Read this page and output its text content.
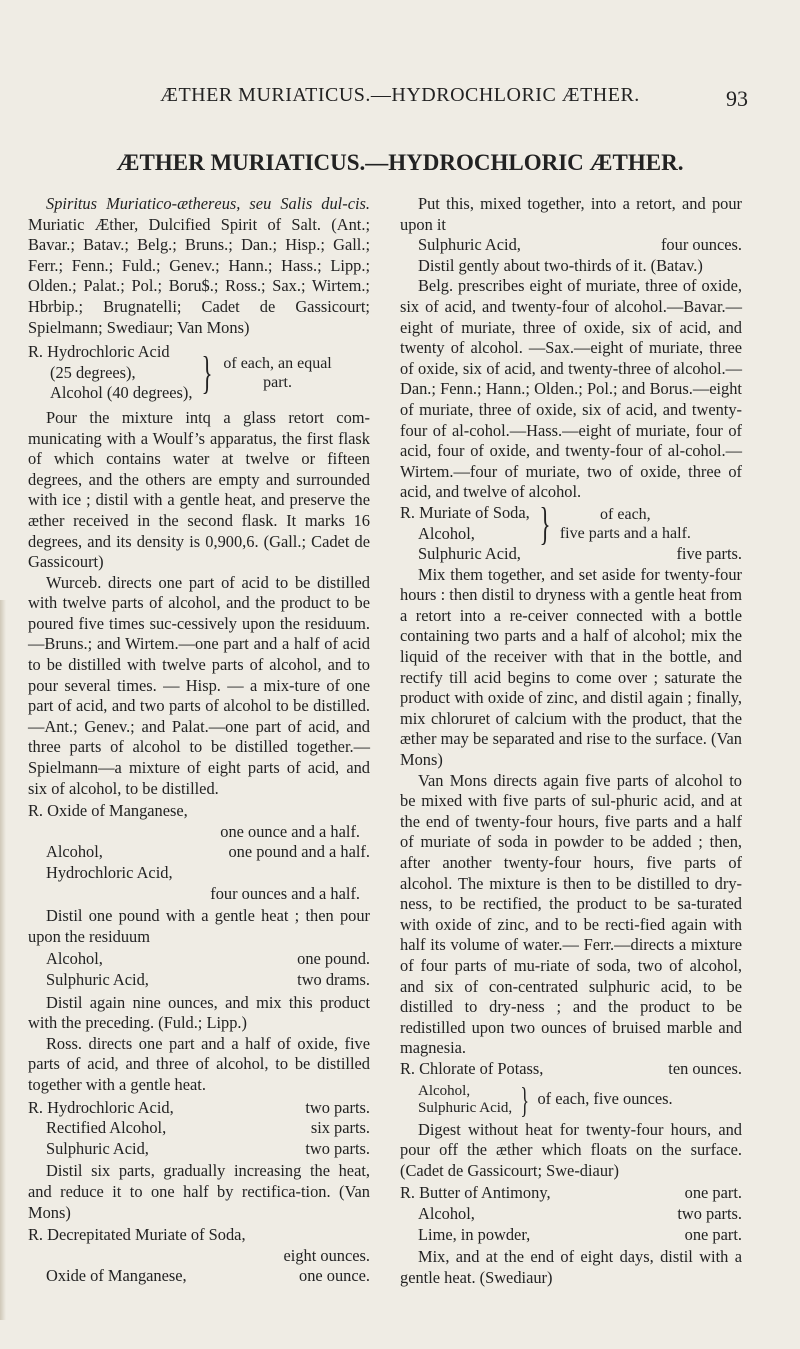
ÆTHER MURIATICUS.—HYDROCHLORIC ÆTHER.	93
ÆTHER MURIATICUS.—HYDROCHLORIC ÆTHER.

Spiritus Muriatico-ætherеus, seu Salis dul-cis. Muriatic Æther, Dulcified Spirit of Salt. (Ant.; Bavar.; Batav.; Belg.; Bruns.; Dan.; Hisp.; Gall.; Ferr.; Fenn.; Fuld.; Genev.; Hann.; Hass.; Lipp.; Olden.; Palat.; Pol.; Boru$.; Ross.; Sax.; Wirtem.; Hbrbip.; Brugnatelli; Cadet de Gassicourt; Spielmann; Swediaur; Van Mons)

R. Hydrochloric Acid
(25 degrees),
Alcohol (40 degrees), } of each, an equal part.

Pour the mixture intq a glass retort com-municating with a Woulf’s apparatus, the first flask of which contains water at twelve or fifteen degrees, and the others are empty and surrounded with ice ; distil with a gentle heat, and preserve the æther received in the second flask. It marks 16 degrees, and its density is 0,900,6. (Gall.; Cadet de Gassicourt)

Wurceb. directs one part of acid to be distilled with twelve parts of alcohol, and the product to be poured five times suc-cessively upon the residuum.—Bruns.; and Wirtem.—one part and a half of acid to be distilled with twelve parts of alcohol, and to pour several times. — Hisp. — a mix-ture of one part of acid, and two parts of alcohol to be distilled.—Ant.; Genev.; and Palat.—one part of acid, and three parts of alcohol to be distilled together.— Spielmann—a mixture of eight parts of acid, and six of alcohol, to be distilled.

R. Oxide of Manganese,
one ounce and a half.
Alcohol,	one pound and a half.
Hydrochloric Acid,
four ounces and a half.

Distil one pound with a gentle heat ; then pour upon the residuum

Alcohol,	one pound.
Sulphuric Acid,	two drams.

Distil again nine ounces, and mix this product with the preceding. (Fuld.; Lipp.)

Ross. directs one part and a half of oxide, five parts of acid, and three of alcohol, to be distilled together with a gentle heat.

R. Hydrochloric Acid,	two parts.
Rectified Alcohol,	six parts.
Sulphuric Acid,	two parts.

Distil six parts, gradually increasing the heat, and reduce it to one half by rectifica-tion. (Van Mons)

R. Decrepitated Muriate of Soda,
eight ounces.
Oxide of Manganese,	one ounce.

Put this, mixed together, into a retort, and pour upon it

Sulphuric Acid,	four ounces.

Distil gently about two-thirds of it. (Batav.)

Belg. prescribes eight of muriate, three of oxide, six of acid, and twenty-four of alcohol.—Bavar.—eight of muriate, three of oxide, six of acid, and twenty of alcohol. —Sax.—eight of muriate, three of oxide, six of acid, and twenty-three of alcohol.— Dan.; Fenn.; Hann.; Olden.; Pol.; and Borus.—eight of muriate, three of oxide, six of acid, and twenty-four of al-cohol.—Hass.—eight of muriate, four of acid, four of oxide, and twenty-four of al-cohol.—Wirtem.—four of muriate, two of oxide, three of acid, and twelve of alcohol.

R. Muriate of Soda,
Alcohol,	}	of each,
five parts and a half.
Sulphuric Acid,	five parts.

Mix them together, and set aside for twenty-four hours : then distil to dryness with a gentle heat from a retort into a re-ceiver connected with a bottle containing two parts and a half of alcohol; mix the liquid of the receiver with that in the bottle, and rectify till acid begins to come over ; saturate the product with oxide of zinc, and distil again ; finally, mix chloruret of calcium with the product, that the æther may be separated and rise to the surface. (Van Mons)

Van Mons directs again five parts of alcohol to be mixed with five parts of sul-phuric acid, and at the end of twenty-four hours, five parts and a half of muriate of soda in powder to be added ; then, after another twenty-four hours, five parts of alcohol. The mixture is then to be distilled to dry-ness, to be rectified, the product to be sa-turated with oxide of zinc, and to be recti-fied again with half its volume of water.— Ferr.—directs a mixture of four parts of mu-riate of soda, two of alcohol, and six of con-centrated sulphuric acid, to be distilled to dry-ness ; and the product to be redistilled upon two ounces of bruised marble and magnesia.

R. Chlorate of Potass,	ten ounces.
Alcohol,
Sulphuric Acid, } of each, five ounces.

Digest without heat for twenty-four hours, and pour off the æther which floats on the surface. (Cadet de Gassicourt; Swe-diaur)

R. Butter of Antimony,	one part.
Alcohol,	two parts.
Lime, in powder,	one part.

Mix, and at the end of eight days, distil with a gentle heat. (Swediaur)
